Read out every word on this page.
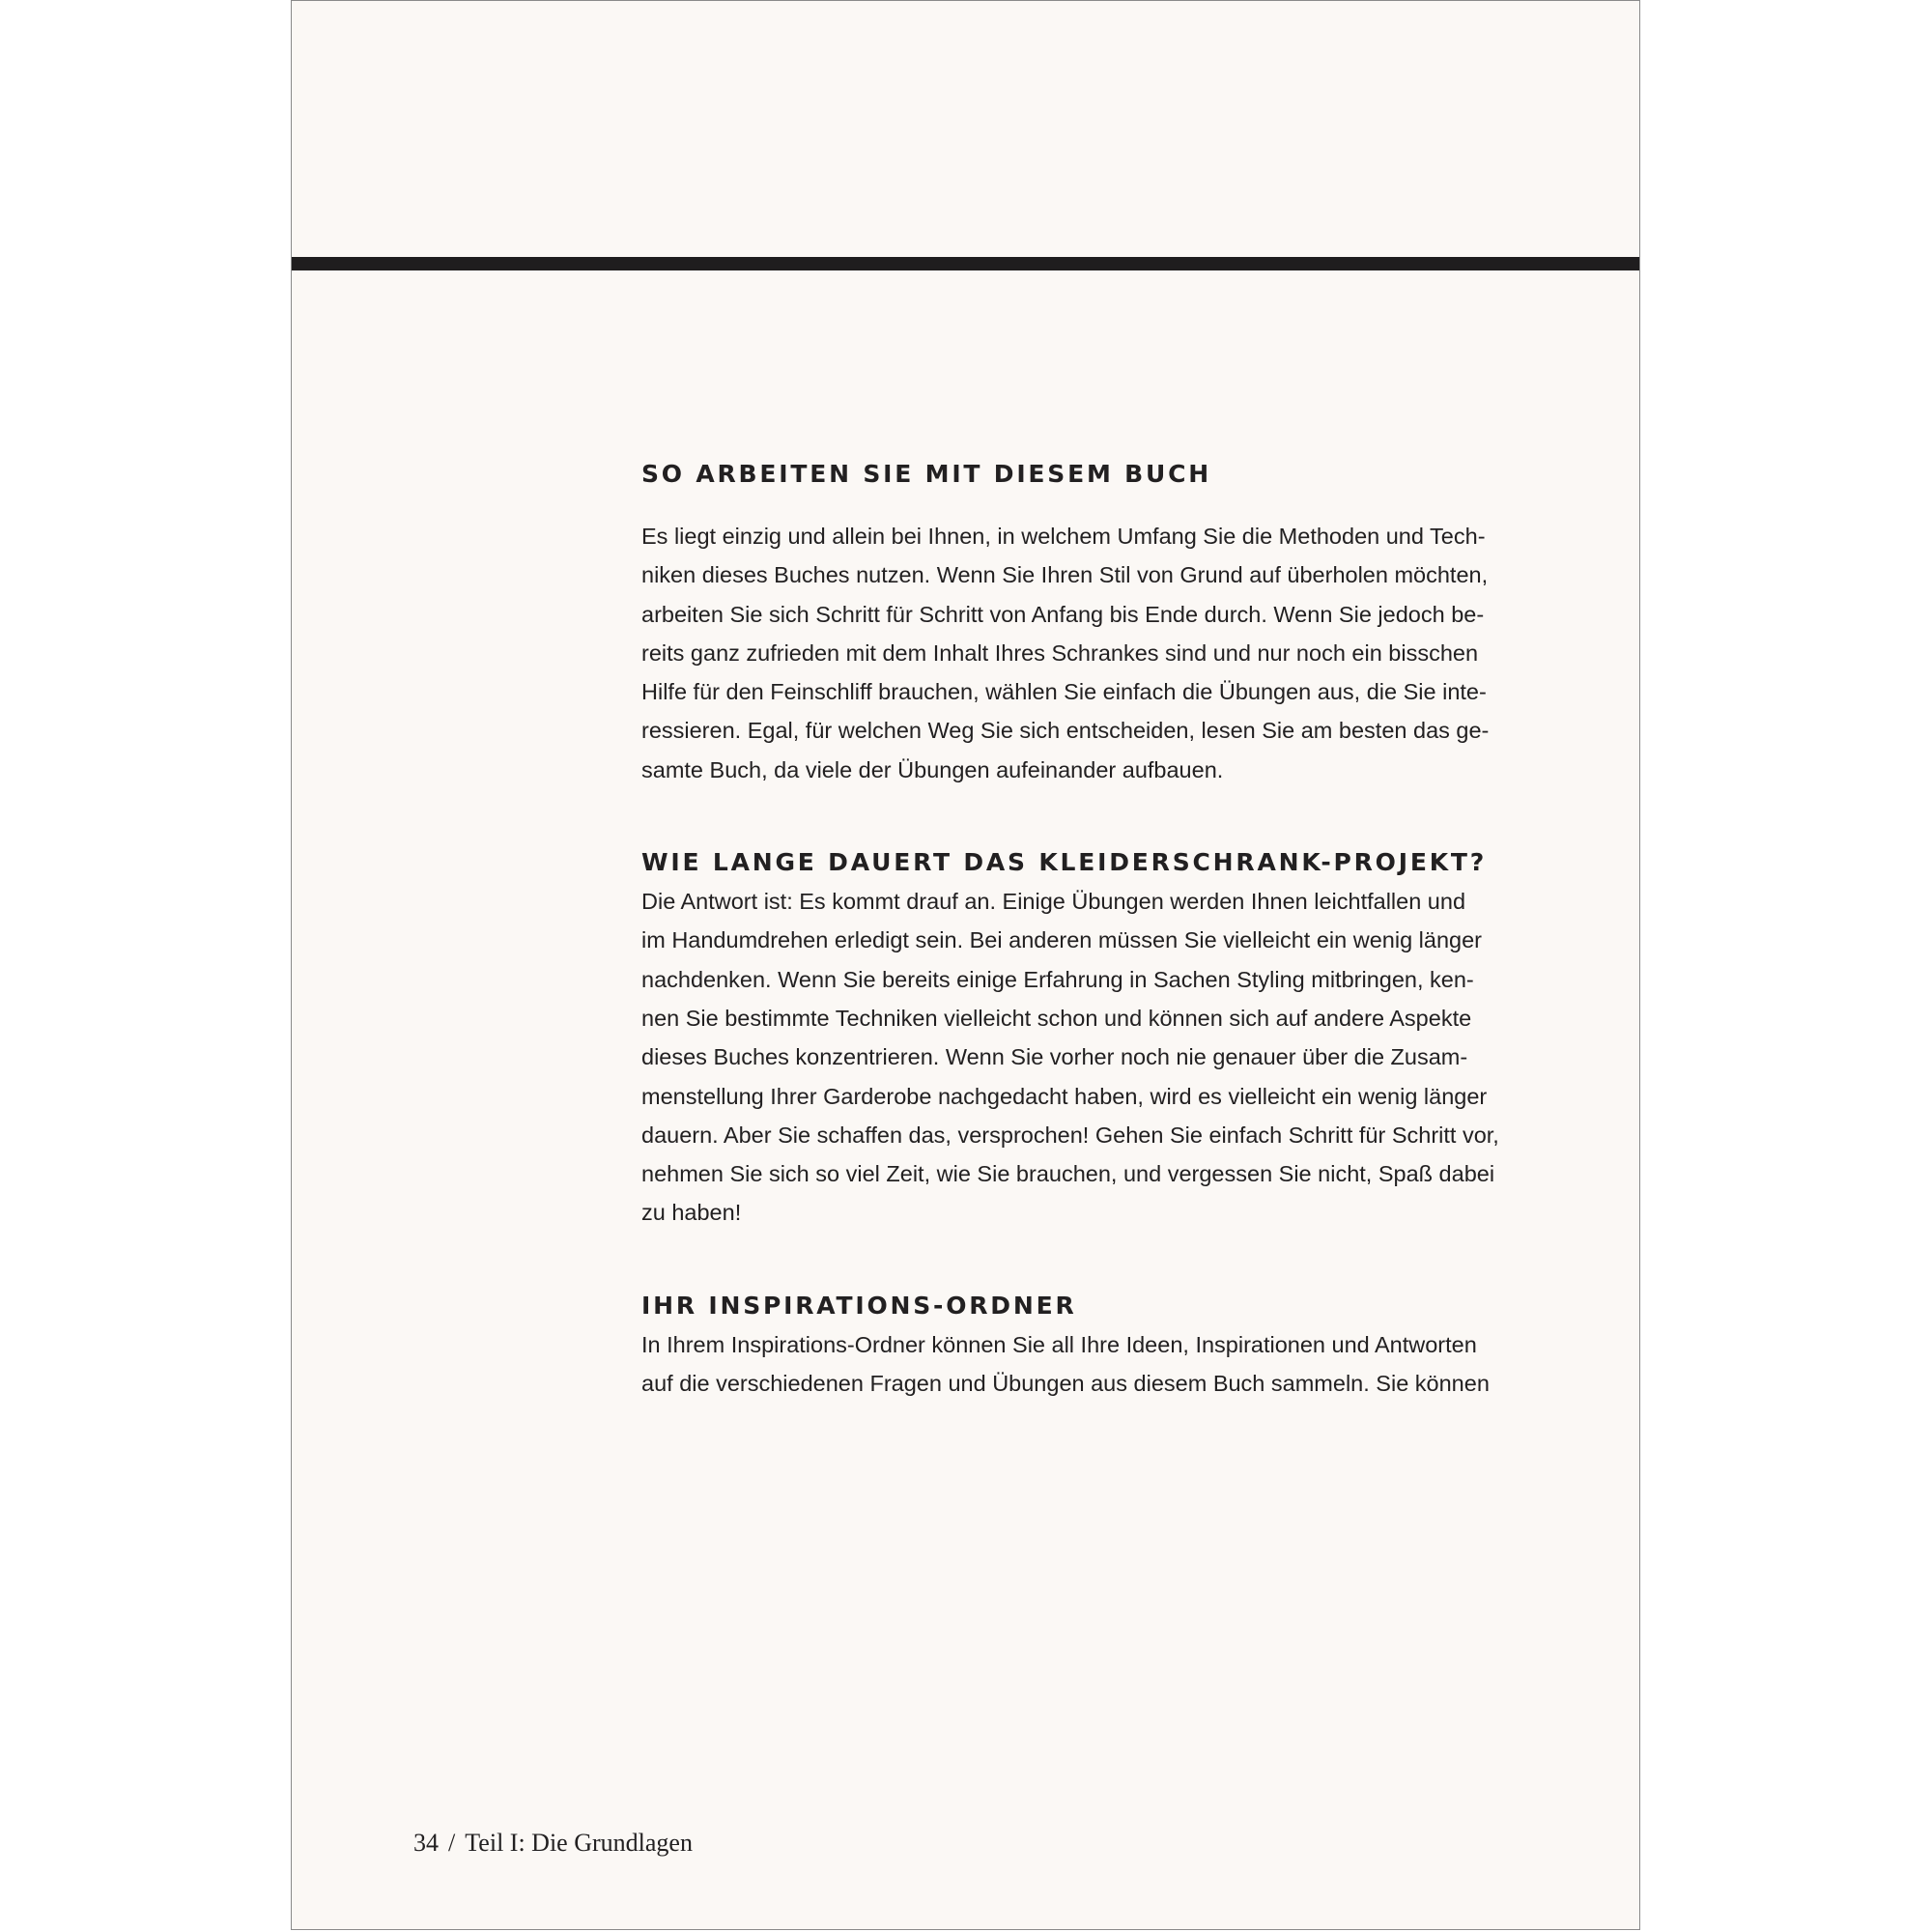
SO ARBEITEN SIE MIT DIESEM BUCH

Es liegt einzig und allein bei Ihnen, in welchem Umfang Sie die Methoden und Tech-
niken dieses Buches nutzen. Wenn Sie Ihren Stil von Grund auf überholen möchten,
arbeiten Sie sich Schritt für Schritt von Anfang bis Ende durch. Wenn Sie jedoch be-
reits ganz zufrieden mit dem Inhalt Ihres Schrankes sind und nur noch ein bisschen
Hilfe für den Feinschliff brauchen, wählen Sie einfach die Übungen aus, die Sie inte-
ressieren. Egal, für welchen Weg Sie sich entscheiden, lesen Sie am besten das ge-
samte Buch, da viele der Übungen aufeinander aufbauen.

WIE LANGE DAUERT DAS KLEIDERSCHRANK-PROJEKT?

Die Antwort ist: Es kommt drauf an. Einige Übungen werden Ihnen leichtfallen und
im Handumdrehen erledigt sein. Bei anderen müssen Sie vielleicht ein wenig länger
nachdenken. Wenn Sie bereits einige Erfahrung in Sachen Styling mitbringen, ken-
nen Sie bestimmte Techniken vielleicht schon und können sich auf andere Aspekte
dieses Buches konzentrieren. Wenn Sie vorher noch nie genauer über die Zusam-
menstellung Ihrer Garderobe nachgedacht haben, wird es vielleicht ein wenig länger
dauern. Aber Sie schaffen das, versprochen! Gehen Sie einfach Schritt für Schritt vor,
nehmen Sie sich so viel Zeit, wie Sie brauchen, und vergessen Sie nicht, Spaß dabei
zu haben!

IHR INSPIRATIONS-ORDNER

In Ihrem Inspirations-Ordner können Sie all Ihre Ideen, Inspirationen und Antworten
auf die verschiedenen Fragen und Übungen aus diesem Buch sammeln. Sie können

34 / Teil I: Die Grundlagen
